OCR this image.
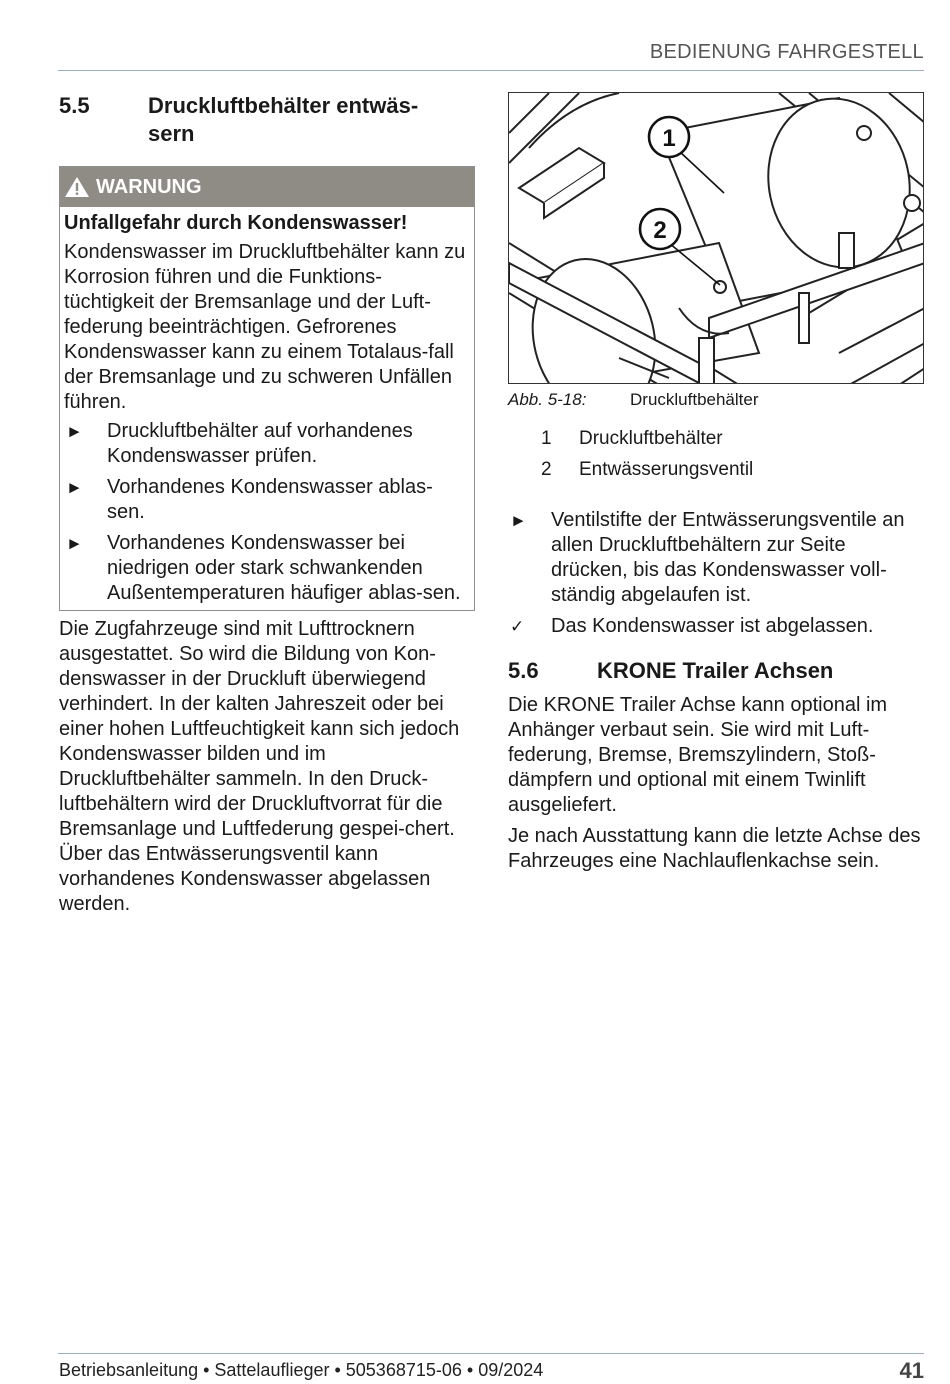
BEDIENUNG FAHRGESTELL
5.5	Druckluftbehälter entwäs-
sern
WARNUNG

Unfallgefahr durch Kondenswasser!

Kondenswasser im Druckluftbehälter kann zu Korrosion führen und die Funktions-tüchtigkeit der Bremsanlage und der Luft-federung beeinträchtigen. Gefrorenes Kondenswasser kann zu einem Totalaus-fall der Bremsanlage und zu schweren Unfällen führen.

►	Druckluftbehälter auf vorhandenes Kondenswasser prüfen.
►	Vorhandenes Kondenswasser ablas-sen.
►	Vorhandenes Kondenswasser bei niedrigen oder stark schwankenden Außentemperaturen häufiger ablas-sen.

Die Zugfahrzeuge sind mit Lufttrocknern ausgestattet. So wird die Bildung von Kon-denswasser in der Druckluft überwiegend verhindert. In der kalten Jahreszeit oder bei einer hohen Luftfeuchtigkeit kann sich jedoch Kondenswasser bilden und im Druckluftbehälter sammeln. In den Druck-luftbehältern wird der Druckluftvorrat für die Bremsanlage und Luftfederung gespei-chert. Über das Entwässerungsventil kann vorhandenes Kondenswasser abgelassen werden.

1
2
Abb. 5-18:	Druckluftbehälter
1	Druckluftbehälter
2	Entwässerungsventil
►	Ventilstifte der Entwässerungsventile an allen Druckluftbehältern zur Seite drücken, bis das Kondenswasser voll-ständig abgelaufen ist.
✓	Das Kondenswasser ist abgelassen.
5.6	KRONE Trailer Achsen

Die KRONE Trailer Achse kann optional im Anhänger verbaut sein. Sie wird mit Luft-federung, Bremse, Bremszylindern, Stoß-dämpfern und optional mit einem Twinlift ausgeliefert.

Je nach Ausstattung kann die letzte Achse des Fahrzeuges eine Nachlauflenkachse sein.

Betriebsanleitung • Sattelauflieger • 505368715-06 • 09/2024	41
